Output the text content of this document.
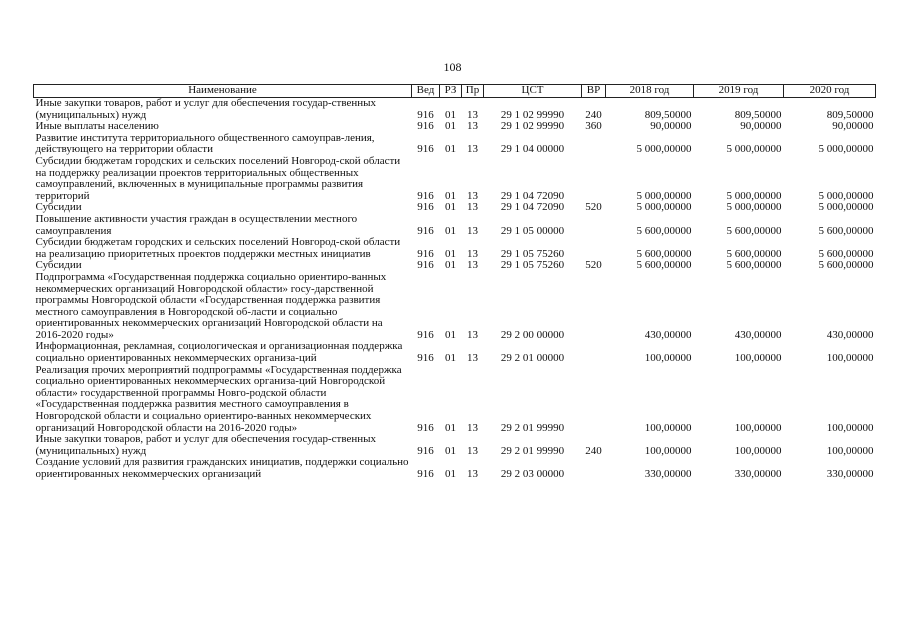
108
Наименование	Вед	РЗ	Пр	ЦСТ	ВР	2018 год	2019 год	2020 год
Иные закупки товаров, работ и услуг для обеспечения государ-ственных (муниципальных) нужд	916	01	13	29 1 02 99990	240	809,50000	809,50000	809,50000
Иные выплаты населению	916	01	13	29 1 02 99990	360	90,00000	90,00000	90,00000
Развитие института территориального общественного самоуправ-ления, действующего на территории области	916	01	13	29 1 04 00000		5 000,00000	5 000,00000	5 000,00000
Субсидии бюджетам городских и сельских поселений Новгород-ской области на поддержку реализации проектов территориальных общественных самоуправлений, включенных в муниципальные программы развития территорий	916	01	13	29 1 04 72090		5 000,00000	5 000,00000	5 000,00000
Субсидии	916	01	13	29 1 04 72090	520	5 000,00000	5 000,00000	5 000,00000
Повышение активности участия граждан в осуществлении местного самоуправления	916	01	13	29 1 05 00000		5 600,00000	5 600,00000	5 600,00000
Субсидии бюджетам городских и сельских поселений Новгород-ской области на реализацию приоритетных проектов поддержки местных инициатив	916	01	13	29 1 05 75260		5 600,00000	5 600,00000	5 600,00000
Субсидии	916	01	13	29 1 05 75260	520	5 600,00000	5 600,00000	5 600,00000
Подпрограмма «Государственная поддержка социально ориентиро-ванных некоммерческих организаций Новгородской области» госу-дарственной программы Новгородской области «Государственная поддержка развития местного самоуправления в Новгородской об-ласти и социально ориентированных некоммерческих организаций Новгородской области на 2016-2020 годы»	916	01	13	29 2 00 00000		430,00000	430,00000	430,00000
Информационная, рекламная, социологическая и организационная поддержка социально ориентированных некоммерческих организа-ций	916	01	13	29 2 01 00000		100,00000	100,00000	100,00000
Реализация прочих мероприятий подпрограммы «Государственная поддержка социально ориентированных некоммерческих организа-ций Новгородской области» государственной программы Новго-родской области «Государственная поддержка развития местного самоуправления в Новгородской области и социально ориентиро-ванных некоммерческих организаций Новгородской области на 2016-2020 годы»	916	01	13	29 2 01 99990		100,00000	100,00000	100,00000
Иные закупки товаров, работ и услуг для обеспечения государ-ственных (муниципальных) нужд	916	01	13	29 2 01 99990	240	100,00000	100,00000	100,00000
Создание условий для развития гражданских инициатив, поддержки социально ориентированных некоммерческих организаций	916	01	13	29 2 03 00000		330,00000	330,00000	330,00000
